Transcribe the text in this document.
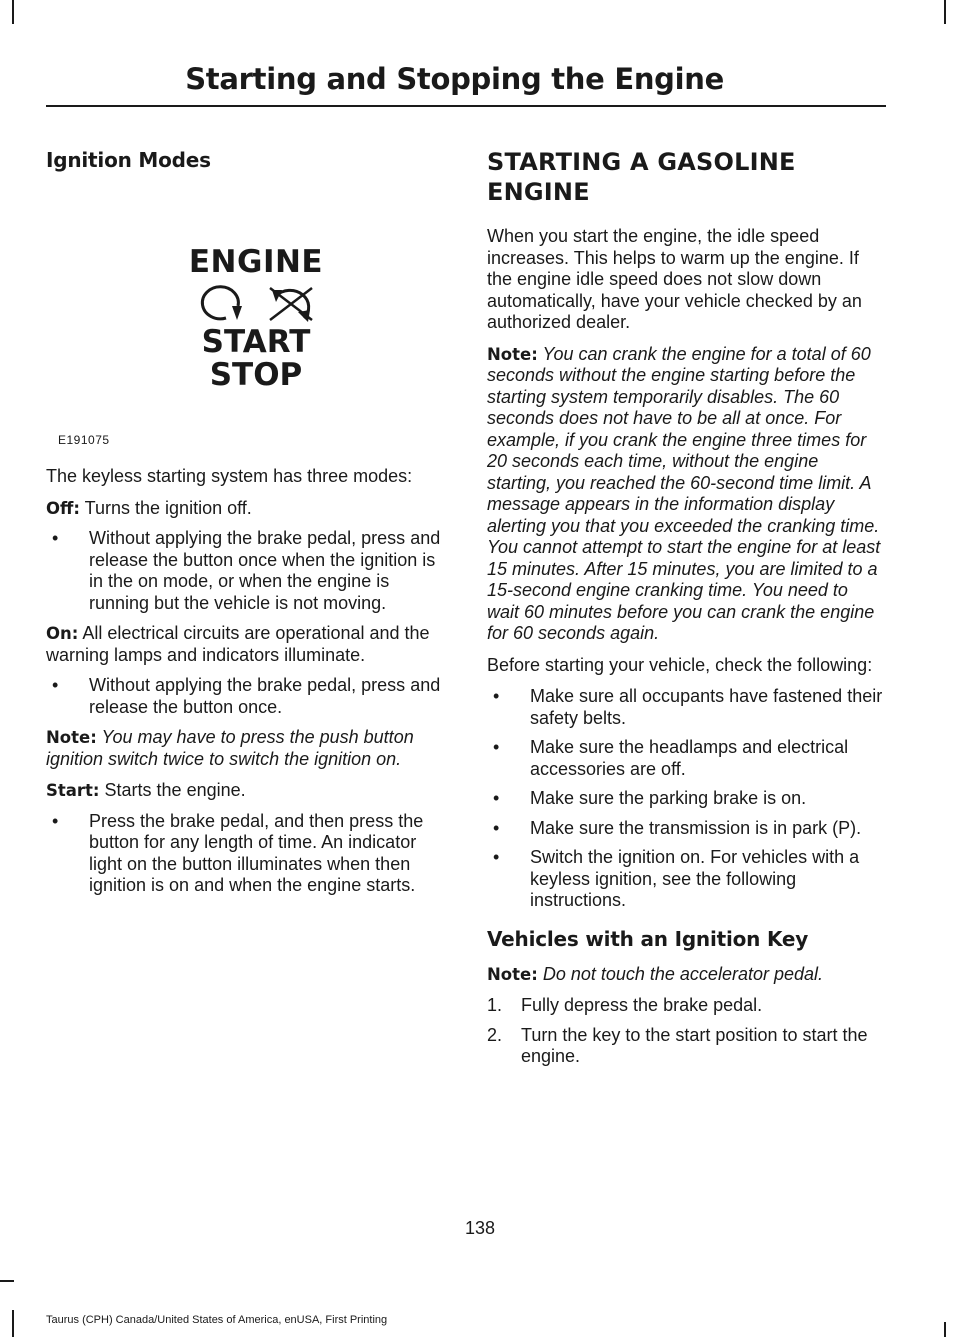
Starting and Stopping the Engine
Ignition Modes

The keyless starting system has three modes:

Off: Turns the ignition off.

• Without applying the brake pedal, press and release the button once when the ignition is in the on mode, or when the engine is running but the vehicle is not moving.

On: All electrical circuits are operational and the warning lamps and indicators illuminate.

• Without applying the brake pedal, press and release the button once.

Note: You may have to press the push button ignition switch twice to switch the ignition on.

Start: Starts the engine.

• Press the brake pedal, and then press the button for any length of time. An indicator light on the button illuminates when then ignition is on and when the engine starts.
ENGINE
START
STOP
E191075
STARTING A GASOLINE
ENGINE

When you start the engine, the idle speed increases. This helps to warm up the engine. If the engine idle speed does not slow down automatically, have your vehicle checked by an authorized dealer.

Note: You can crank the engine for a total of 60 seconds without the engine starting before the starting system temporarily disables. The 60 seconds does not have to be all at once. For example, if you crank the engine three times for 20 seconds each time, without the engine starting, you reached the 60-second time limit. A message appears in the information display alerting you that you exceeded the cranking time. You cannot attempt to start the engine for at least 15 minutes. After 15 minutes, you are limited to a 15-second engine cranking time. You need to wait 60 minutes before you can crank the engine for 60 seconds again.

Before starting your vehicle, check the following:

• Make sure all occupants have fastened their safety belts.
• Make sure the headlamps and electrical accessories are off.
• Make sure the parking brake is on.
• Make sure the transmission is in park (P).
• Switch the ignition on. For vehicles with a keyless ignition, see the following instructions.
Vehicles with an Ignition Key

Note: Do not touch the accelerator pedal.

1. Fully depress the brake pedal.
2. Turn the key to the start position to start the engine.
138
Taurus (CPH) Canada/United States of America, enUSA, First Printing
